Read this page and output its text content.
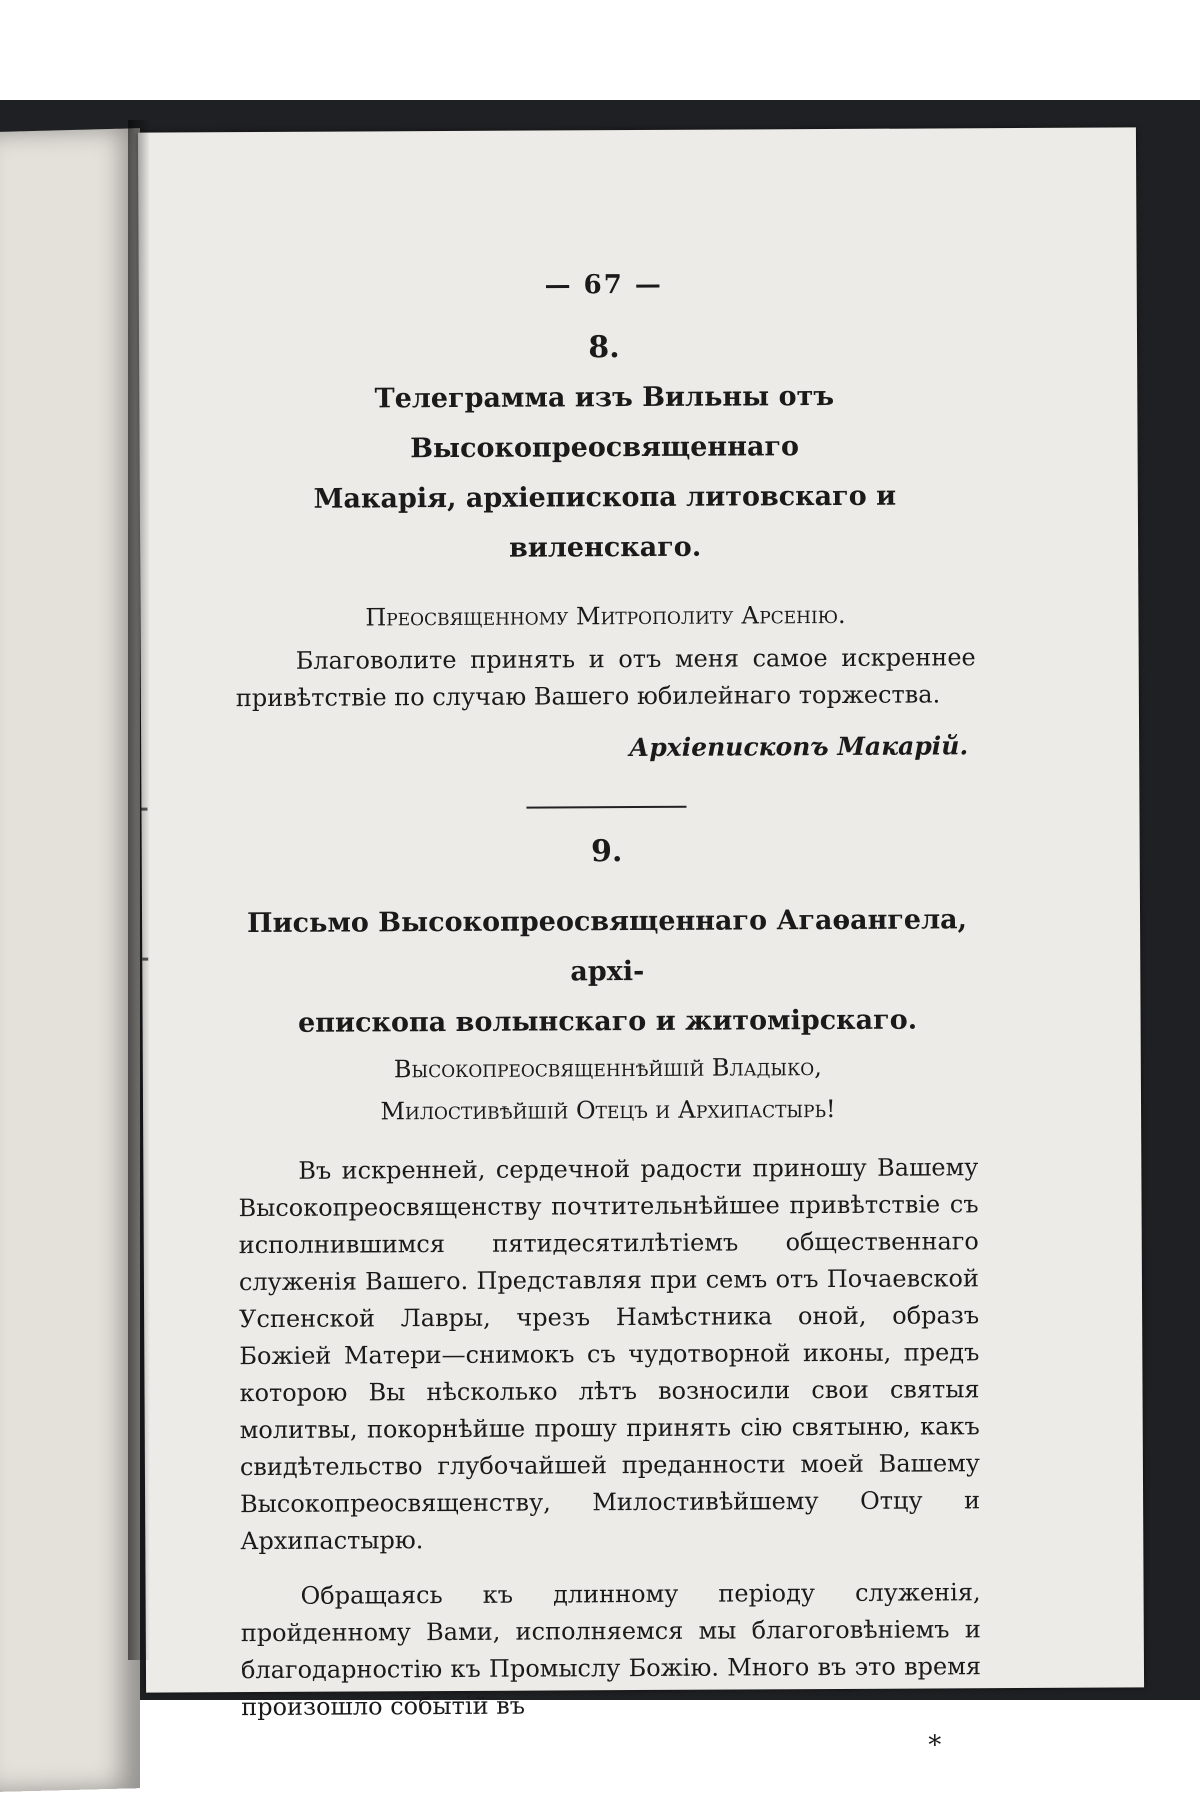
— 67 —
8.
Телеграмма изъ Вильны отъ Высокопреосвященнаго
Макарія, архіепископа литовскаго и виленскаго.
Преосвященному Митрополиту Арсенію.

Благоволите принять и отъ меня самое искреннее привѣтствіе по случаю Вашего юбилейнаго торжества.

Архіепископъ Макарій.
9.
Письмо Высокопреосвященнаго Агаѳангела, архі-
епископа волынскаго и житомірскаго.
Высокопреосвященнѣйшій Владыко,
Милостивѣйшій Отецъ и Архипастырь!

Въ искренней, сердечной радости приношу Вашему Высокопреосвященству почтительнѣйшее привѣтствіе съ исполнившимся пятидесятилѣтіемъ общественнаго служенія Вашего. Представляя при семъ отъ Почаевской Успенской Лавры, чрезъ Намѣстника оной, образъ Божіей Матери—снимокъ съ чудотворной иконы, предъ которою Вы нѣсколько лѣтъ возносили свои святыя молитвы, покорнѣйше прошу принять сію святыню, какъ свидѣтельство глубочайшей преданности моей Вашему Высокопреосвященству, Милостивѣйшему Отцу и Архипастырю.

Обращаясь къ длинному періоду служенія, пройденному Вами, исполняемся мы благоговѣніемъ и благодарностію къ Промыслу Божію. Много въ это время произошло событій въ

*
